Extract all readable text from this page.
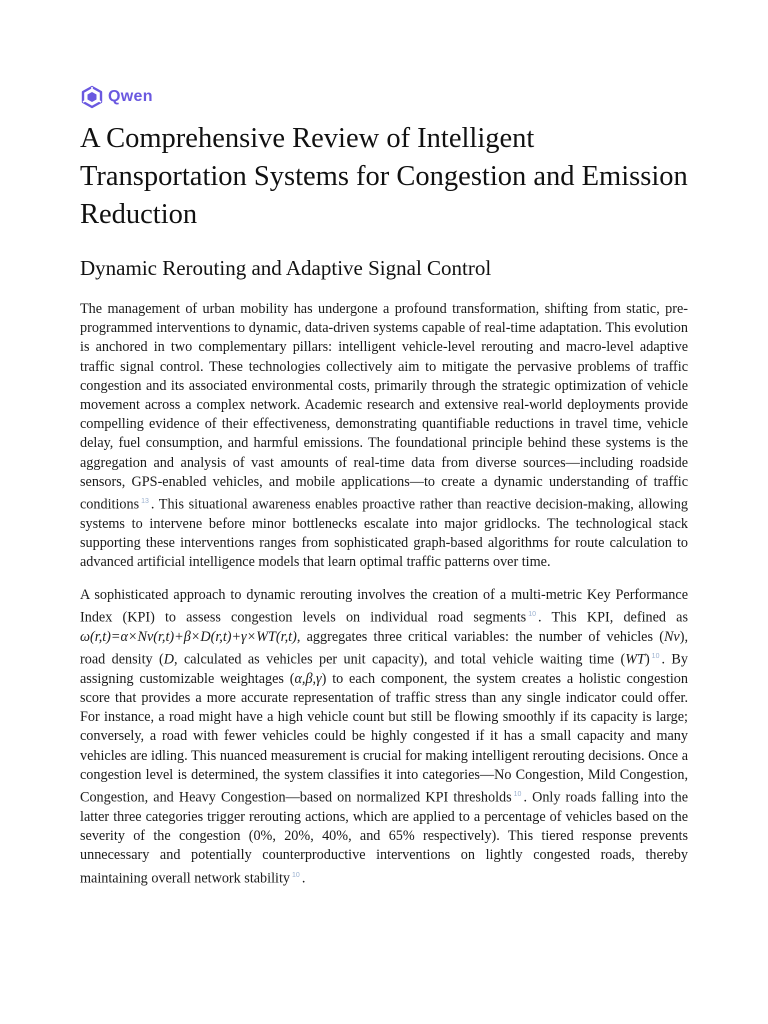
Qwen
A Comprehensive Review of Intelligent Transportation Systems for Congestion and Emission Reduction
Dynamic Rerouting and Adaptive Signal Control

The management of urban mobility has undergone a profound transformation, shifting from static, pre-programmed interventions to dynamic, data-driven systems capable of real-time adaptation. This evolution is anchored in two complementary pillars: intelligent vehicle-level rerouting and macro-level adaptive traffic signal control. These technologies collectively aim to mitigate the pervasive problems of traffic congestion and its associated environmental costs, primarily through the strategic optimization of vehicle movement across a complex network. Academic research and extensive real-world deployments provide compelling evidence of their effectiveness, demonstrating quantifiable reductions in travel time, vehicle delay, fuel consumption, and harmful emissions. The foundational principle behind these systems is the aggregation and analysis of vast amounts of real-time data from diverse sources—including roadside sensors, GPS-enabled vehicles, and mobile applications—to create a dynamic understanding of traffic conditions $^{13}$ . This situational awareness enables proactive rather than reactive decision-making, allowing systems to intervene before minor bottlenecks escalate into major gridlocks. The technological stack supporting these interventions ranges from sophisticated graph-based algorithms for route calculation to advanced artificial intelligence models that learn optimal traffic patterns over time.

A sophisticated approach to dynamic rerouting involves the creation of a multi-metric Key Performance Index (KPI) to assess congestion levels on individual road segments $^{10}$ . This KPI, defined as ω(r,t)=α×Nv(r,t)+β×D(r,t)+γ×WT(r,t), aggregates three critical variables: the number of vehicles (Nv), road density (D, calculated as vehicles per unit capacity), and total vehicle waiting time (WT) $^{10}$ . By assigning customizable weightages (α,β,γ) to each component, the system creates a holistic congestion score that provides a more accurate representation of traffic stress than any single indicator could offer. For instance, a road might have a high vehicle count but still be flowing smoothly if its capacity is large; conversely, a road with fewer vehicles could be highly congested if it has a small capacity and many vehicles are idling. This nuanced measurement is crucial for making intelligent rerouting decisions. Once a congestion level is determined, the system classifies it into categories—No Congestion, Mild Congestion, Congestion, and Heavy Congestion—based on normalized KPI thresholds $^{10}$ . Only roads falling into the latter three categories trigger rerouting actions, which are applied to a percentage of vehicles based on the severity of the congestion (0%, 20%, 40%, and 65% respectively). This tiered response prevents unnecessary and potentially counterproductive interventions on lightly congested roads, thereby maintaining overall network stability $^{10}$ .
